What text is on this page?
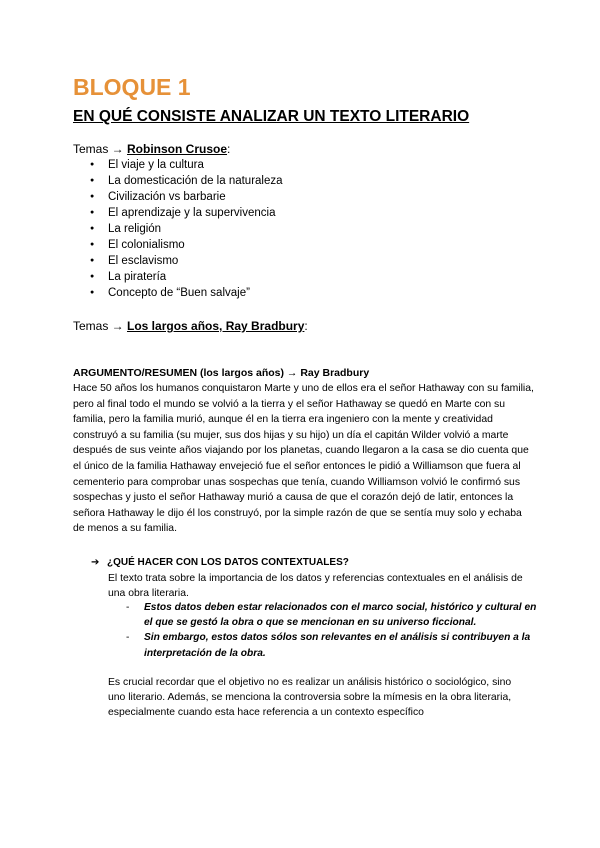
BLOQUE 1
EN QUÉ CONSISTE ANALIZAR UN TEXTO LITERARIO
Temas → Robinson Crusoe:
● El viaje y la cultura
● La domesticación de la naturaleza
● Civilización vs barbarie
● El aprendizaje y la supervivencia
● La religión
● El colonialismo
● El esclavismo
● La piratería
● Concepto de “Buen salvaje”
Temas → Los largos años, Ray Bradbury:
ARGUMENTO/RESUMEN (los largos años) → Ray Bradbury

Hace 50 años los humanos conquistaron Marte y uno de ellos era el señor Hathaway con su familia, pero al final todo el mundo se volvió a la tierra y el señor Hathaway se quedó en Marte con su familia, pero la familia murió, aunque él en la tierra era ingeniero con la mente y creatividad construyó a su familia (su mujer, sus dos hijas y su hijo) un día el capitán Wilder volvió a marte después de sus veinte años viajando por los planetas, cuando llegaron a la casa se dio cuenta que el único de la familia Hathaway envejeció fue el señor entonces le pidió a Williamson que fuera al cementerio para comprobar unas sospechas que tenía, cuando Williamson volvió le confirmó sus sospechas y justo el señor Hathaway murió a causa de que el corazón dejó de latir, entonces la señora Hathaway le dijo él los construyó, por la simple razón de que se sentía muy solo y echaba de menos a su familia.

➔ ¿QUÉ HACER CON LOS DATOS CONTEXTUALES?

El texto trata sobre la importancia de los datos y referencias contextuales en el análisis de una obra literaria.

- Estos datos deben estar relacionados con el marco social, histórico y cultural en el que se gestó la obra o que se mencionan en su universo ficcional.
- Sin embargo, estos datos sólos son relevantes en el análisis si contribuyen a la interpretación de la obra.

Es crucial recordar que el objetivo no es realizar un análisis histórico o sociológico, sino uno literario. Además, se menciona la controversia sobre la mímesis en la obra literaria, especialmente cuando esta hace referencia a un contexto específico
